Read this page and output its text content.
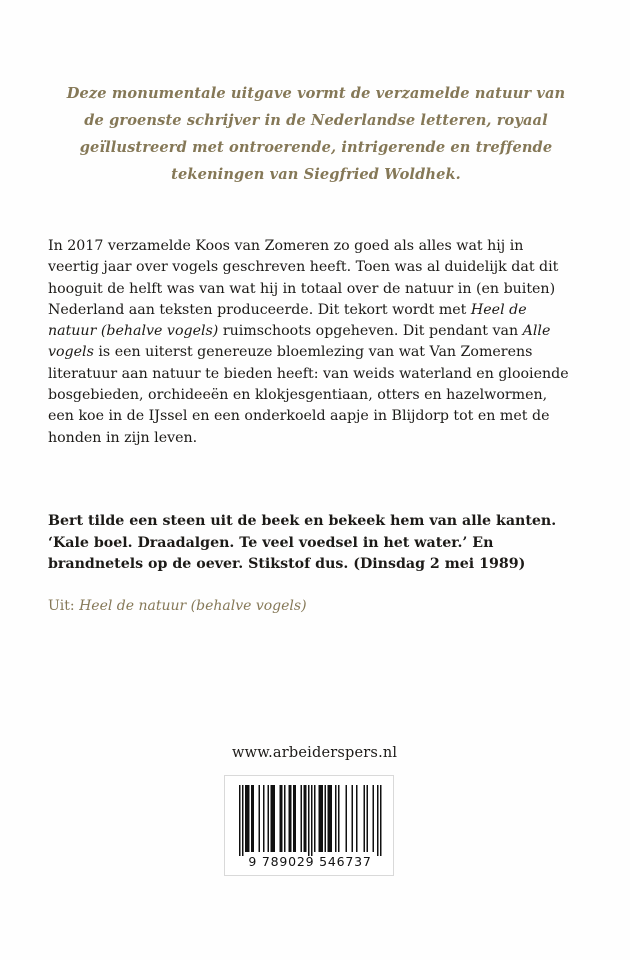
Deze monumentale uitgave vormt de verzamelde natuur van
de groenste schrijver in de Nederlandse letteren, royaal
geïllustreerd met ontroerende, intrigerende en treffende
tekeningen van Siegfried Woldhek.

In 2017 verzamelde Koos van Zomeren zo goed als alles wat hij in veertig jaar over vogels geschreven heeft. Toen was al duidelijk dat dit hooguit de helft was van wat hij in totaal over de natuur in (en buiten) Nederland aan teksten produceerde. Dit tekort wordt met Heel de natuur (behalve vogels) ruimschoots opgeheven. Dit pendant van Alle vogels is een uiterst genereuze bloemlezing van wat Van Zomerens literatuur aan natuur te bieden heeft: van weids waterland en glooiende bosgebieden, orchideeën en klokjesgentiaan, otters en hazelwormen, een koe in de IJssel en een onderkoeld aapje in Blijdorp tot en met de honden in zijn leven.

Bert tilde een steen uit de beek en bekeek hem van alle kanten. ‘Kale boel. Draadalgen. Te veel voedsel in het water.’ En brandnetels op de oever. Stikstof dus. (Dinsdag 2 mei 1989)

Uit: Heel de natuur (behalve vogels)

www.arbeiderspers.nl

9 789029 546737
